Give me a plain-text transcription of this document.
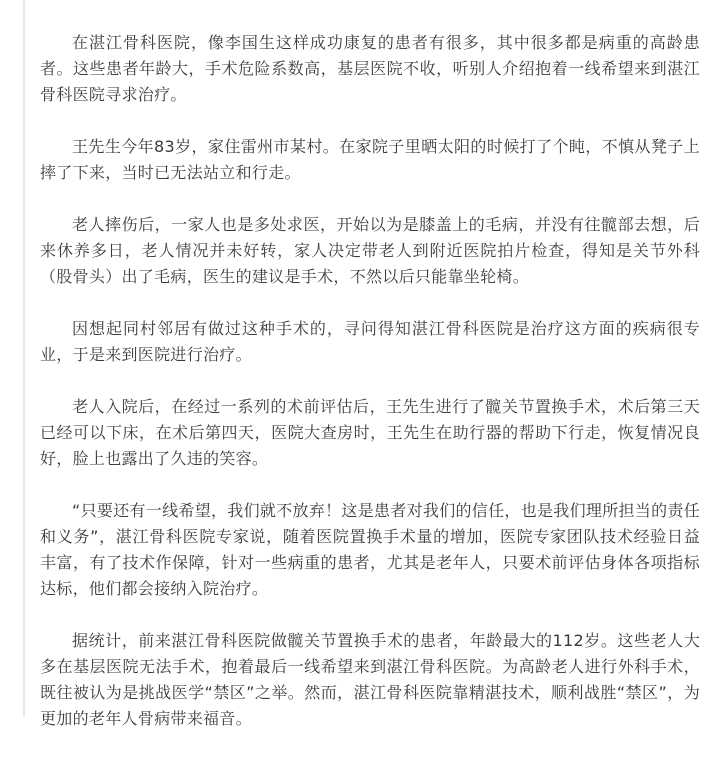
在湛江骨科医院，像李国生这样成功康复的患者有很多，其中很多都是病重的高龄患者。这些患者年龄大，手术危险系数高，基层医院不收，听别人介绍抱着一线希望来到湛江骨科医院寻求治疗。

王先生今年83岁，家住雷州市某村。在家院子里晒太阳的时候打了个盹，不慎从凳子上摔了下来，当时已无法站立和行走。

老人摔伤后，一家人也是多处求医，开始以为是膝盖上的毛病，并没有往髋部去想，后来休养多日，老人情况并未好转，家人决定带老人到附近医院拍片检查，得知是关节外科（股骨头）出了毛病，医生的建议是手术，不然以后只能靠坐轮椅。

因想起同村邻居有做过这种手术的，寻问得知湛江骨科医院是治疗这方面的疾病很专业，于是来到医院进行治疗。

老人入院后，在经过一系列的术前评估后，王先生进行了髋关节置换手术，术后第三天已经可以下床，在术后第四天，医院大查房时，王先生在助行器的帮助下行走，恢复情况良好，脸上也露出了久违的笑容。

“只要还有一线希望，我们就不放弃！这是患者对我们的信任，也是我们理所担当的责任和义务”，湛江骨科医院专家说，随着医院置换手术量的增加，医院专家团队技术经验日益丰富，有了技术作保障，针对一些病重的患者，尤其是老年人，只要术前评估身体各项指标达标，他们都会接纳入院治疗。

据统计，前来湛江骨科医院做髋关节置换手术的患者，年龄最大的112岁。这些老人大多在基层医院无法手术，抱着最后一线希望来到湛江骨科医院。为高龄老人进行外科手术，既往被认为是挑战医学“禁区”之举。然而，湛江骨科医院靠精湛技术，顺利战胜“禁区”，为更加的老年人骨病带来福音。
